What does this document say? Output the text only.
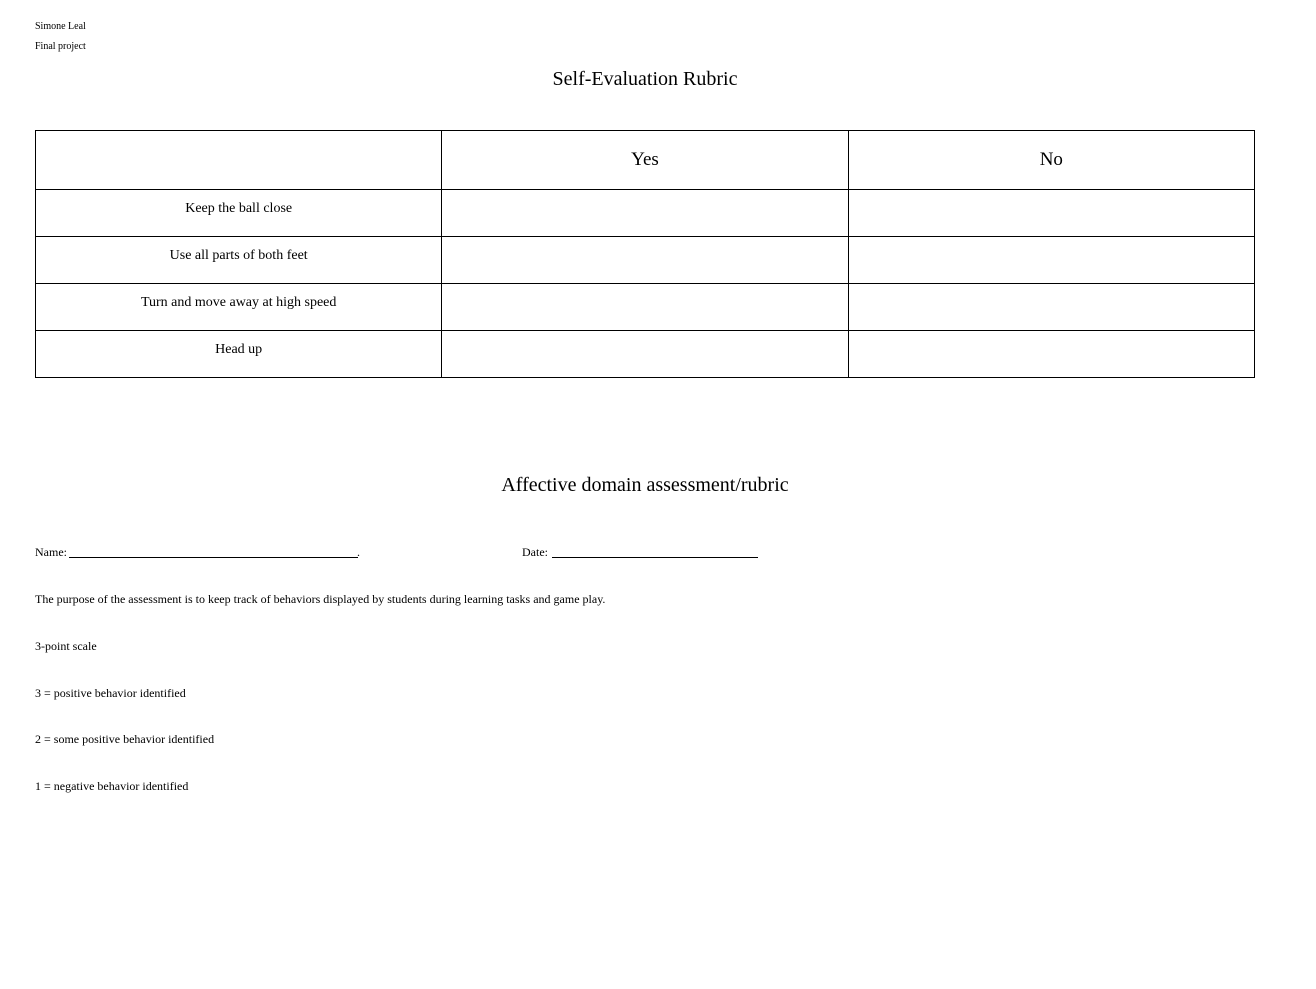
Simone Leal
Final project
Self-Evaluation Rubric
	Yes	No
Keep the ball close		
Use all parts of both feet		
Turn and move away at high speed		
Head up		
Affective domain assessment/rubric
Name:	.	Date:
The purpose of the assessment is to keep track of behaviors displayed by students during learning tasks and game play.
3-point scale
3 = positive behavior identified
2 = some positive behavior identified
1 = negative behavior identified
